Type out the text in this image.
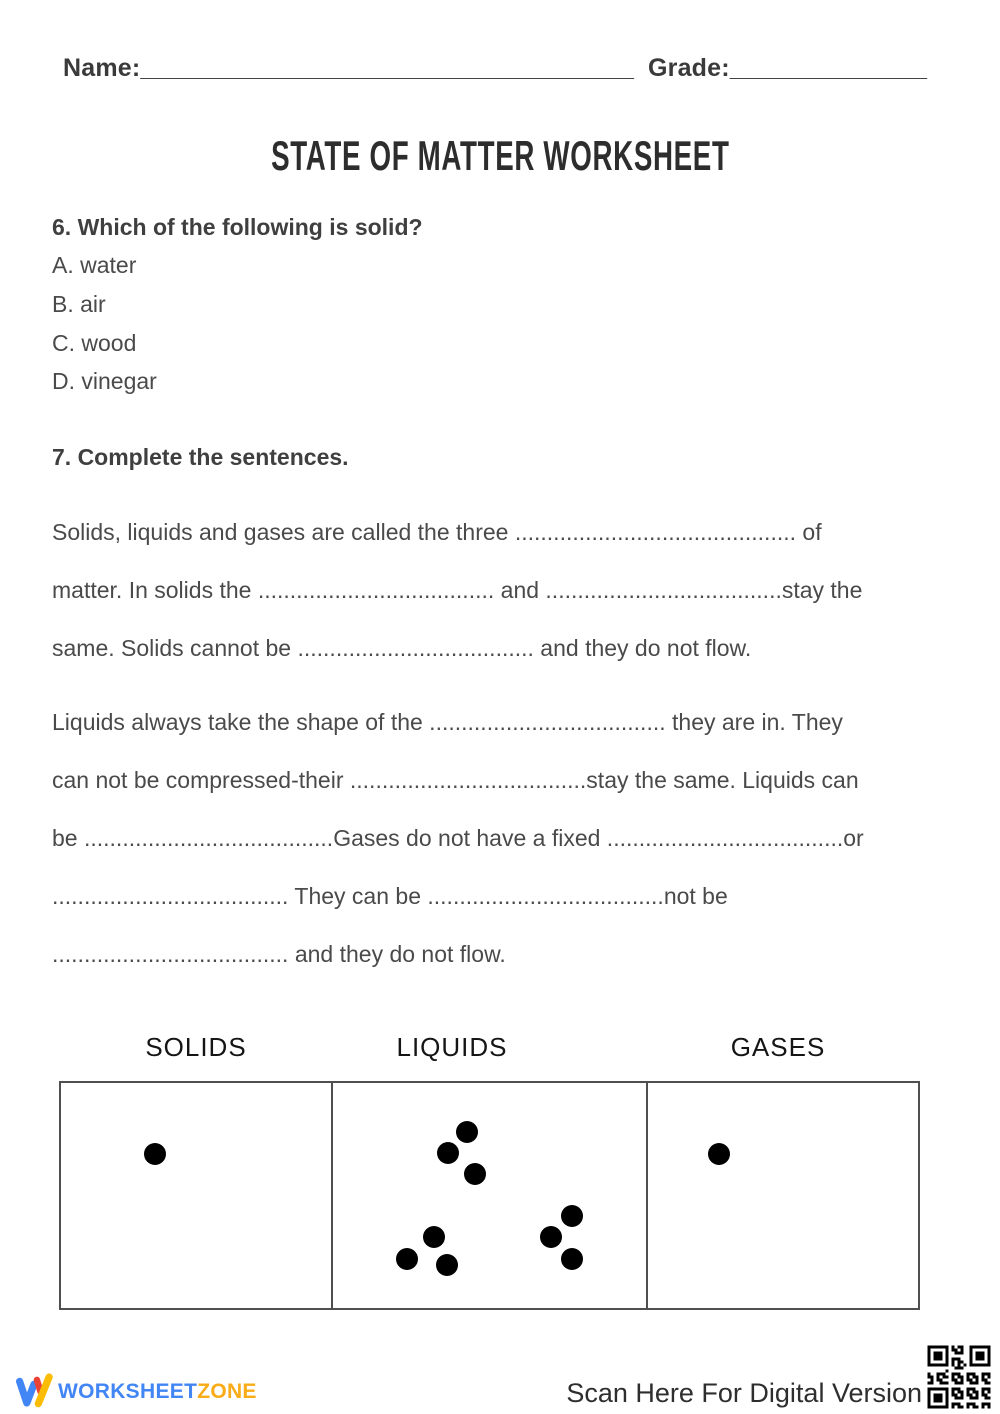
Name:___________________________________ Grade:______________
STATE OF MATTER WORKSHEET
6. Which of the following is solid?
A. water
B. air
C. wood
D. vinegar
7. Complete the sentences.
Solids, liquids and gases are called the three ............................................ of
matter. In solids the ..................................... and .....................................stay the
same. Solids cannot be ..................................... and they do not flow.
Liquids always take the shape of the ..................................... they are in. They
can not be compressed-their .....................................stay the same. Liquids can
be .......................................Gases do not have a fixed .....................................or
..................................... They can be .....................................not be
..................................... and they do not flow.
SOLIDS	LIQUIDS	GASES
WORKSHEETZONE	Scan Here For Digital Version
